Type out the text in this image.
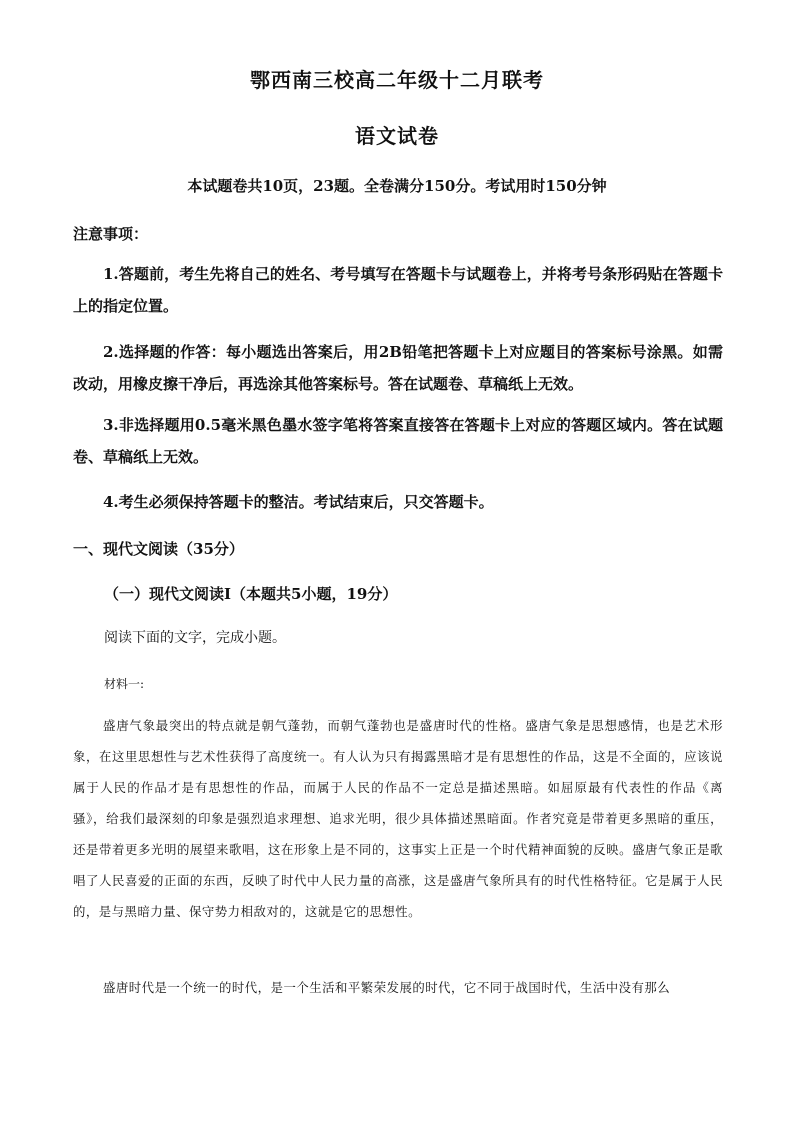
鄂西南三校高二年级十二月联考
语文试卷
本试题卷共10页，23题。全卷满分150分。考试用时150分钟
注意事项：

1.答题前，考生先将自己的姓名、考号填写在答题卡与试题卷上，并将考号条形码贴在答题卡上的指定位置。

2.选择题的作答：每小题选出答案后，用2B铅笔把答题卡上对应题目的答案标号涂黑。如需改动，用橡皮擦干净后，再选涂其他答案标号。答在试题卷、草稿纸上无效。

3.非选择题用0.5毫米黑色墨水签字笔将答案直接答在答题卡上对应的答题区域内。答在试题卷、草稿纸上无效。

4.考生必须保持答题卡的整洁。考试结束后，只交答题卡。

一、现代文阅读（35分）
（一）现代文阅读Ⅰ（本题共5小题，19分）
阅读下面的文字，完成小题。
材料一:

盛唐气象最突出的特点就是朝气蓬勃，而朝气蓬勃也是盛唐时代的性格。盛唐气象是思想感情，也是艺术形象，在这里思想性与艺术性获得了高度统一。有人认为只有揭露黑暗才是有思想性的作品，这是不全面的，应该说属于人民的作品才是有思想性的作品，而属于人民的作品不一定总是描述黑暗。如屈原最有代表性的作品《离骚》，给我们最深刻的印象是强烈追求理想、追求光明，很少具体描述黑暗面。作者究竟是带着更多黑暗的重压，还是带着更多光明的展望来歌唱，这在形象上是不同的，这事实上正是一个时代精神面貌的反映。盛唐气象正是歌唱了人民喜爱的正面的东西，反映了时代中人民力量的高涨，这是盛唐气象所具有的时代性格特征。它是属于人民的，是与黑暗力量、保守势力相敌对的，这就是它的思想性。

盛唐时代是一个统一的时代，是一个生活和平繁荣发展的时代，它不同于战国时代，生活中没有那么
